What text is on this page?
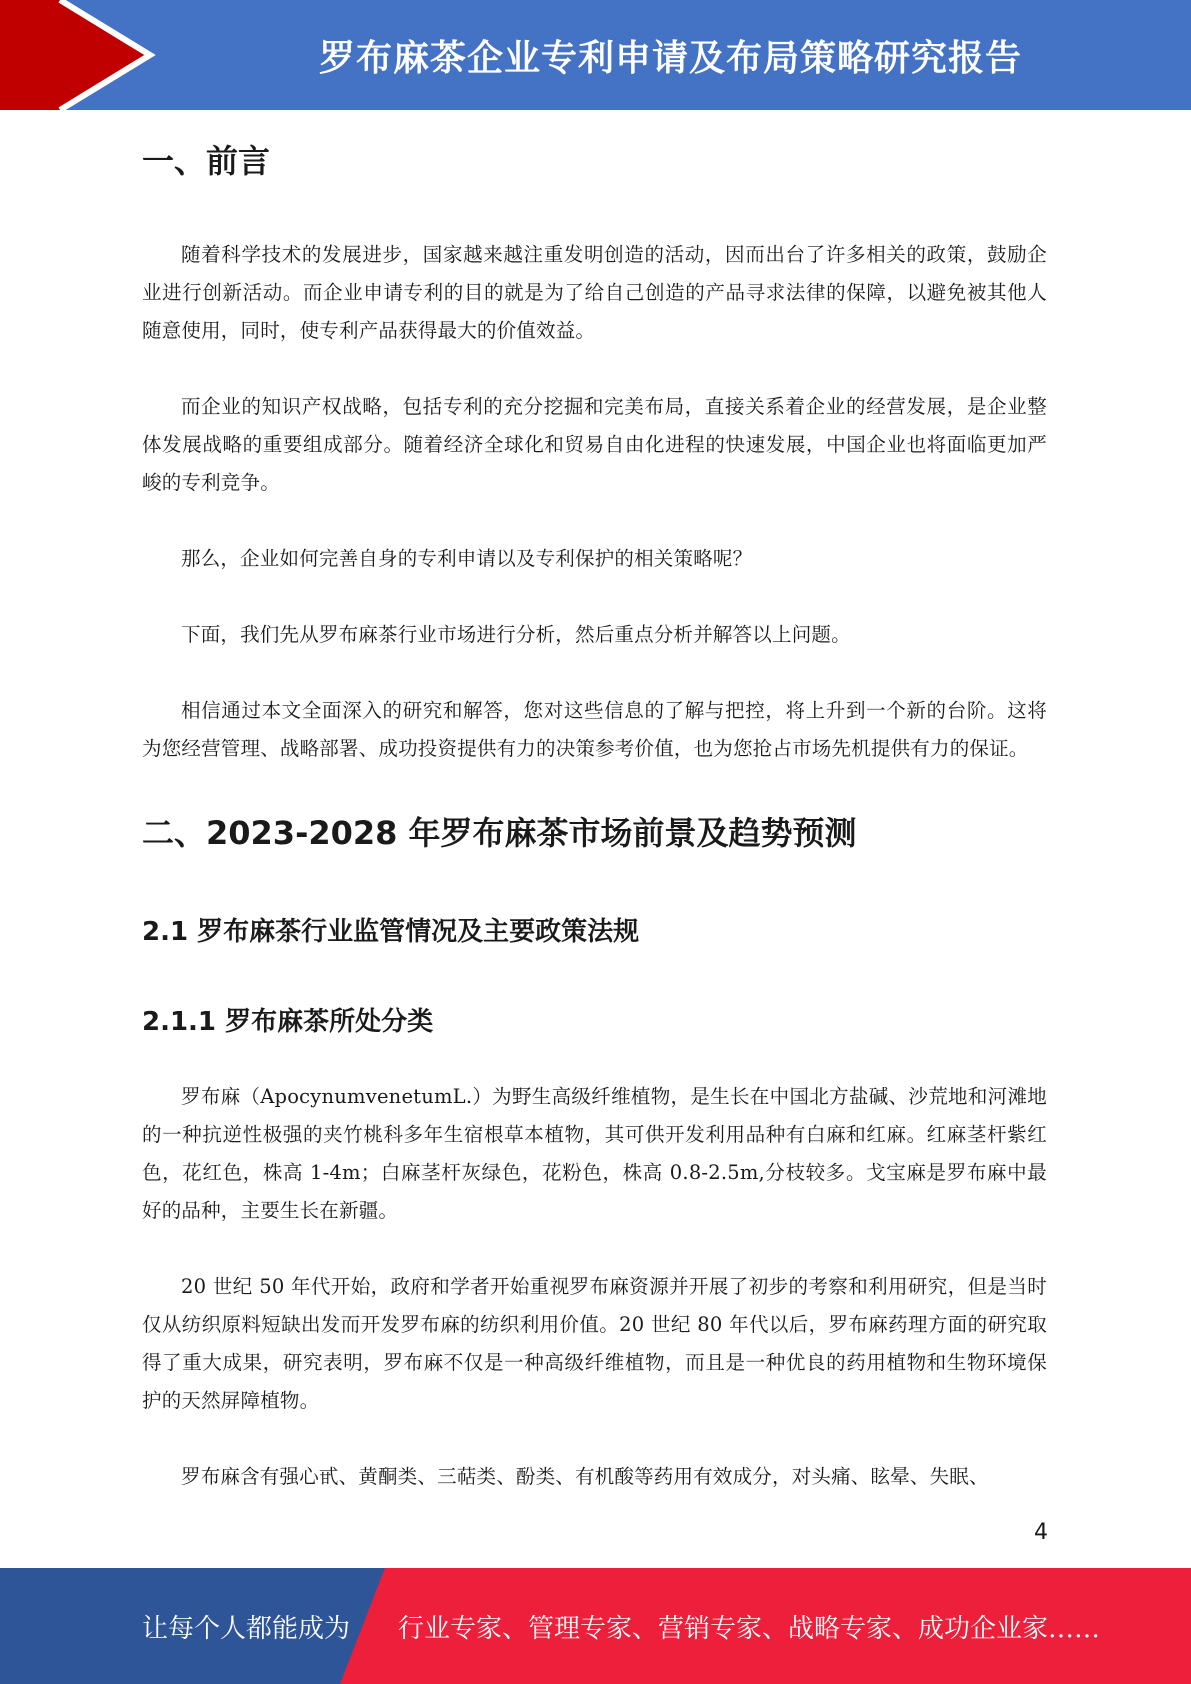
罗布麻茶企业专利申请及布局策略研究报告
一、前言

随着科学技术的发展进步，国家越来越注重发明创造的活动，因而出台了许多相关的政策，鼓励企业进行创新活动。而企业申请专利的目的就是为了给自己创造的产品寻求法律的保障，以避免被其他人随意使用，同时，使专利产品获得最大的价值效益。

而企业的知识产权战略，包括专利的充分挖掘和完美布局，直接关系着企业的经营发展，是企业整体发展战略的重要组成部分。随着经济全球化和贸易自由化进程的快速发展，中国企业也将面临更加严峻的专利竞争。

那么，企业如何完善自身的专利申请以及专利保护的相关策略呢？

下面，我们先从罗布麻茶行业市场进行分析，然后重点分析并解答以上问题。

相信通过本文全面深入的研究和解答，您对这些信息的了解与把控，将上升到一个新的台阶。这将为您经营管理、战略部署、成功投资提供有力的决策参考价值，也为您抢占市场先机提供有力的保证。

二、2023-2028 年罗布麻茶市场前景及趋势预测
2.1 罗布麻茶行业监管情况及主要政策法规
2.1.1 罗布麻茶所处分类

罗布麻（ApocynumvenetumL.）为野生高级纤维植物，是生长在中国北方盐碱、沙荒地和河滩地的一种抗逆性极强的夹竹桃科多年生宿根草本植物，其可供开发利用品种有白麻和红麻。红麻茎杆紫红色，花红色，株高 1-4m；白麻茎杆灰绿色，花粉色，株高 0.8-2.5m,分枝较多。戈宝麻是罗布麻中最好的品种，主要生长在新疆。

20 世纪 50 年代开始，政府和学者开始重视罗布麻资源并开展了初步的考察和利用研究，但是当时仅从纺织原料短缺出发而开发罗布麻的纺织利用价值。20 世纪 80 年代以后，罗布麻药理方面的研究取得了重大成果，研究表明，罗布麻不仅是一种高级纤维植物，而且是一种优良的药用植物和生物环境保护的天然屏障植物。

罗布麻含有强心甙、黄酮类、三萜类、酚类、有机酸等药用有效成分，对头痛、眩晕、失眠、

4
让每个人都能成为 行业专家、管理专家、营销专家、战略专家、成功企业家……
